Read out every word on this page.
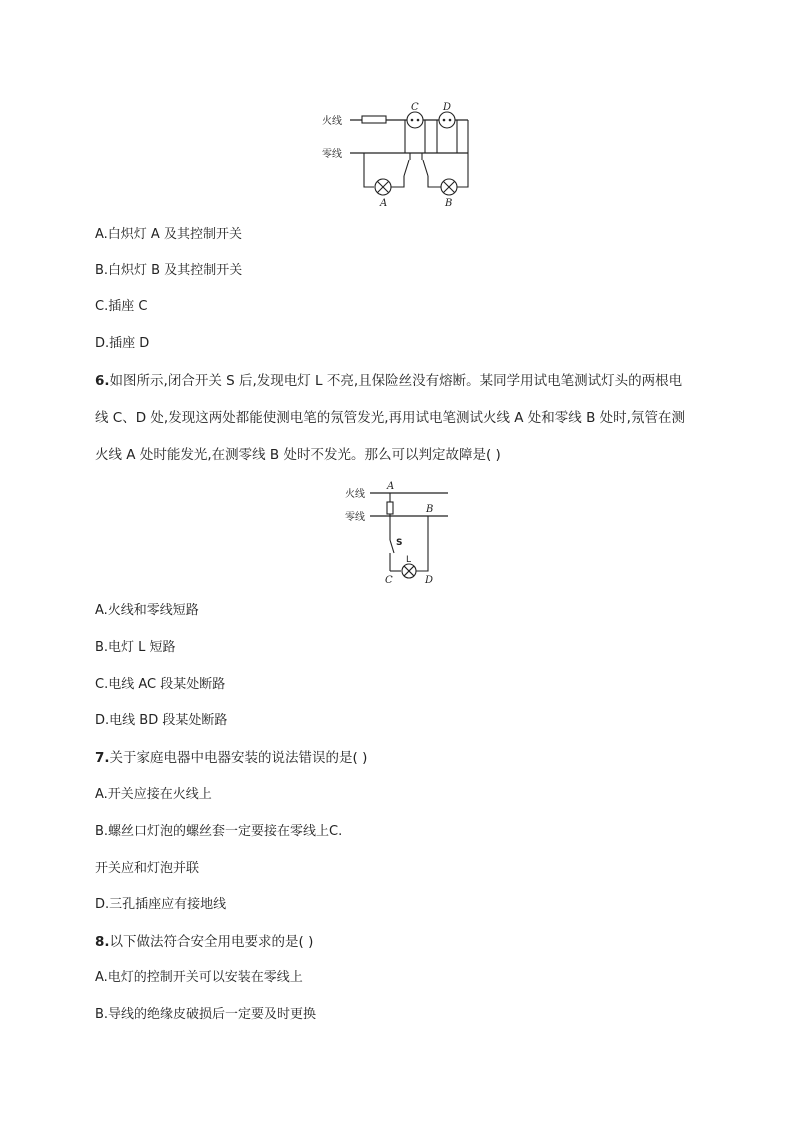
火线
零线
C D
A	B
A.白炽灯 A 及其控制开关
B.白炽灯 B 及其控制开关
C.插座 C
D.插座 D
6.如图所示,闭合开关 S 后,发现电灯 L 不亮,且保险丝没有熔断。某同学用试电笔测试灯头的两根电
线 C、D 处,发现这两处都能使测电笔的氖管发光,再用试电笔测试火线 A 处和零线 B 处时,氖管在测
火线 A 处时能发光,在测零线 B 处时不发光。那么可以判定故障是( )
火线
零线
A
B
S
L
C	D
A.火线和零线短路
B.电灯 L 短路
C.电线 AC 段某处断路
D.电线 BD 段某处断路
7.关于家庭电器中电器安装的说法错误的是( )
A.开关应接在火线上
B.螺丝口灯泡的螺丝套一定要接在零线上C.
开关应和灯泡并联
D.三孔插座应有接地线
8.以下做法符合安全用电要求的是( )
A.电灯的控制开关可以安装在零线上
B.导线的绝缘皮破损后一定要及时更换
